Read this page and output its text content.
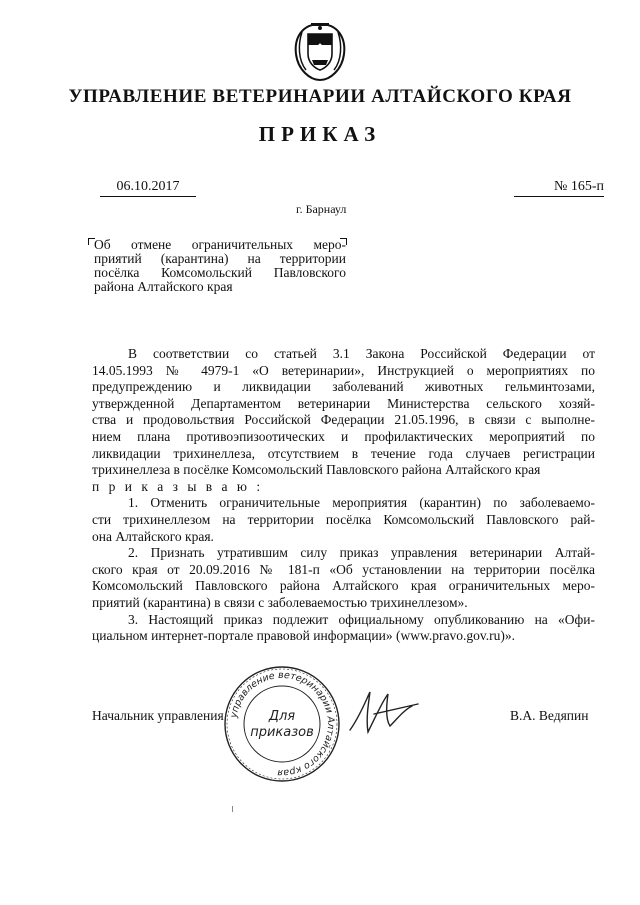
УПРАВЛЕНИЕ ВЕТЕРИНАРИИ АЛТАЙСКОГО КРАЯ
ПРИКАЗ
06.10.2017	№ 165-п
г. Барнаул
Об отмене ограничительных меро-
приятий (карантина) на территории
посёлка Комсомольский Павловского
района Алтайского края
В соответствии со статьей 3.1 Закона Российской Федерации от
14.05.1993 № 4979-1 «О ветеринарии», Инструкцией о мероприятиях по
предупреждению и ликвидации заболеваний животных гельминтозами,
утвержденной Департаментом ветеринарии Министерства сельского хозяй-
ства и продовольствия Российской Федерации 21.05.1996, в связи с выполне-
нием плана противоэпизоотических и профилактических мероприятий по
ликвидации трихинеллеза, отсутствием в течение года случаев регистрации
трихинеллеза в посёлке Комсомольский Павловского района Алтайского края
п р и к а з ы в а ю :
1. Отменить ограничительные мероприятия (карантин) по заболеваемо-
сти трихинеллезом на территории посёлка Комсомольский Павловского рай-
она Алтайского края.
2. Признать утратившим силу приказ управления ветеринарии Алтай-
ского края от 20.09.2016 № 181-п «Об установлении на территории посёлка
Комсомольский Павловского района Алтайского края ограничительных меро-
приятий (карантина) в связи с заболеваемостью трихинеллезом».
3. Настоящий приказ подлежит официальному опубликованию на «Офи-
циальном интернет-портале правовой информации» (www.pravo.gov.ru)».
Начальник управления	В.А. Ведяпин
управление ветеринарии Алтайского края
Для
приказов
